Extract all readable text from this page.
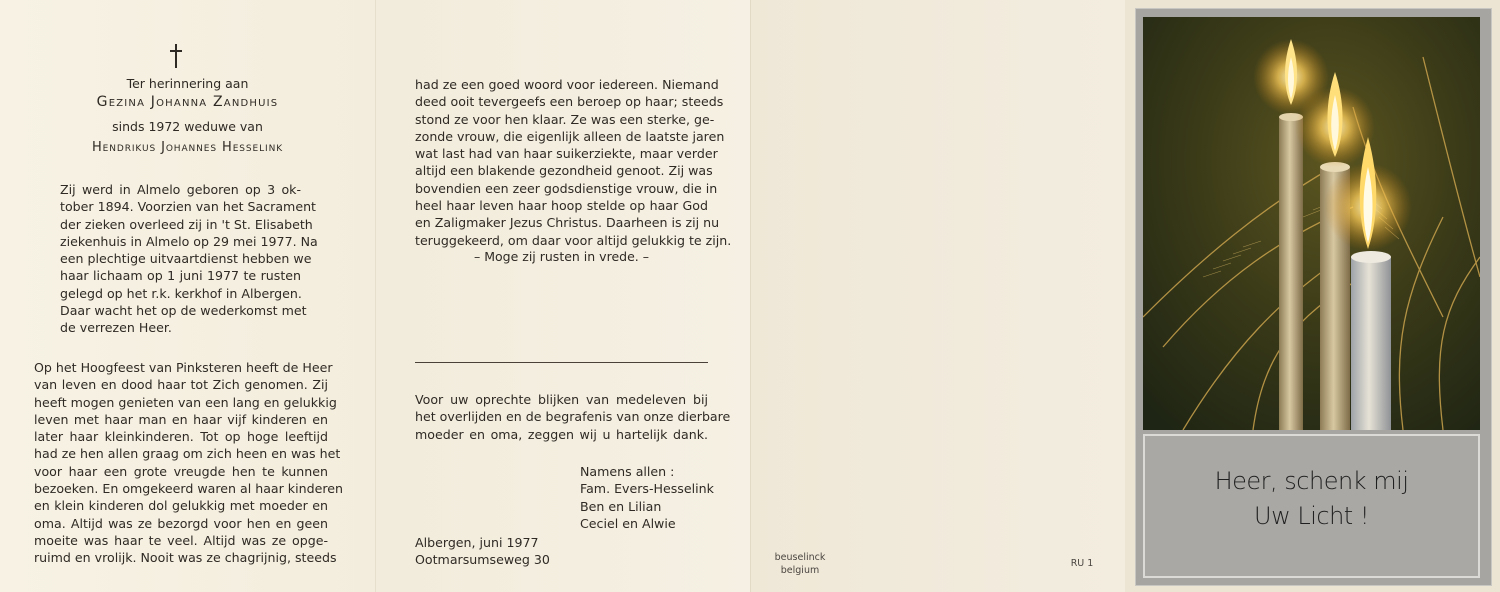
Ter herinnering aan
Gezina Johanna Zandhuis
sinds 1972 weduwe van
Hendrikus Johannes Hesselink
Zij werd in Almelo geboren op 3 ok-
tober 1894. Voorzien van het Sacrament
der zieken overleed zij in 't St. Elisabeth
ziekenhuis in Almelo op 29 mei 1977. Na
een plechtige uitvaartdienst hebben we
haar lichaam op 1 juni 1977 te rusten
gelegd op het r.k. kerkhof in Albergen.
Daar wacht het op de wederkomst met
de verrezen Heer.
Op het Hoogfeest van Pinksteren heeft de Heer
van leven en dood haar tot Zich genomen. Zij
heeft mogen genieten van een lang en gelukkig
leven met haar man en haar vijf kinderen en
later haar kleinkinderen. Tot op hoge leeftijd
had ze hen allen graag om zich heen en was het
voor haar een grote vreugde hen te kunnen
bezoeken. En omgekeerd waren al haar kinderen
en klein kinderen dol gelukkig met moeder en
oma. Altijd was ze bezorgd voor hen en geen
moeite was haar te veel. Altijd was ze opge-
ruimd en vrolijk. Nooit was ze chagrijnig, steeds
had ze een goed woord voor iedereen. Niemand
deed ooit tevergeefs een beroep op haar; steeds
stond ze voor hen klaar. Ze was een sterke, ge-
zonde vrouw, die eigenlijk alleen de laatste jaren
wat last had van haar suikerziekte, maar verder
altijd een blakende gezondheid genoot. Zij was
bovendien een zeer godsdienstige vrouw, die in
heel haar leven haar hoop stelde op haar God
en Zaligmaker Jezus Christus. Daarheen is zij nu
teruggekeerd, om daar voor altijd gelukkig te zijn.
– Moge zij rusten in vrede. –
Voor uw oprechte blijken van medeleven bij
het overlijden en de begrafenis van onze dierbare
moeder en oma, zeggen wij u hartelijk dank.
Namens allen :
Fam. Evers-Hesselink
Ben en Lilian
Ceciel en Alwie
Albergen, juni 1977
Ootmarsumseweg 30	beuselinck
belgium
RU 1
Heer, schenk mij
Uw Licht !
